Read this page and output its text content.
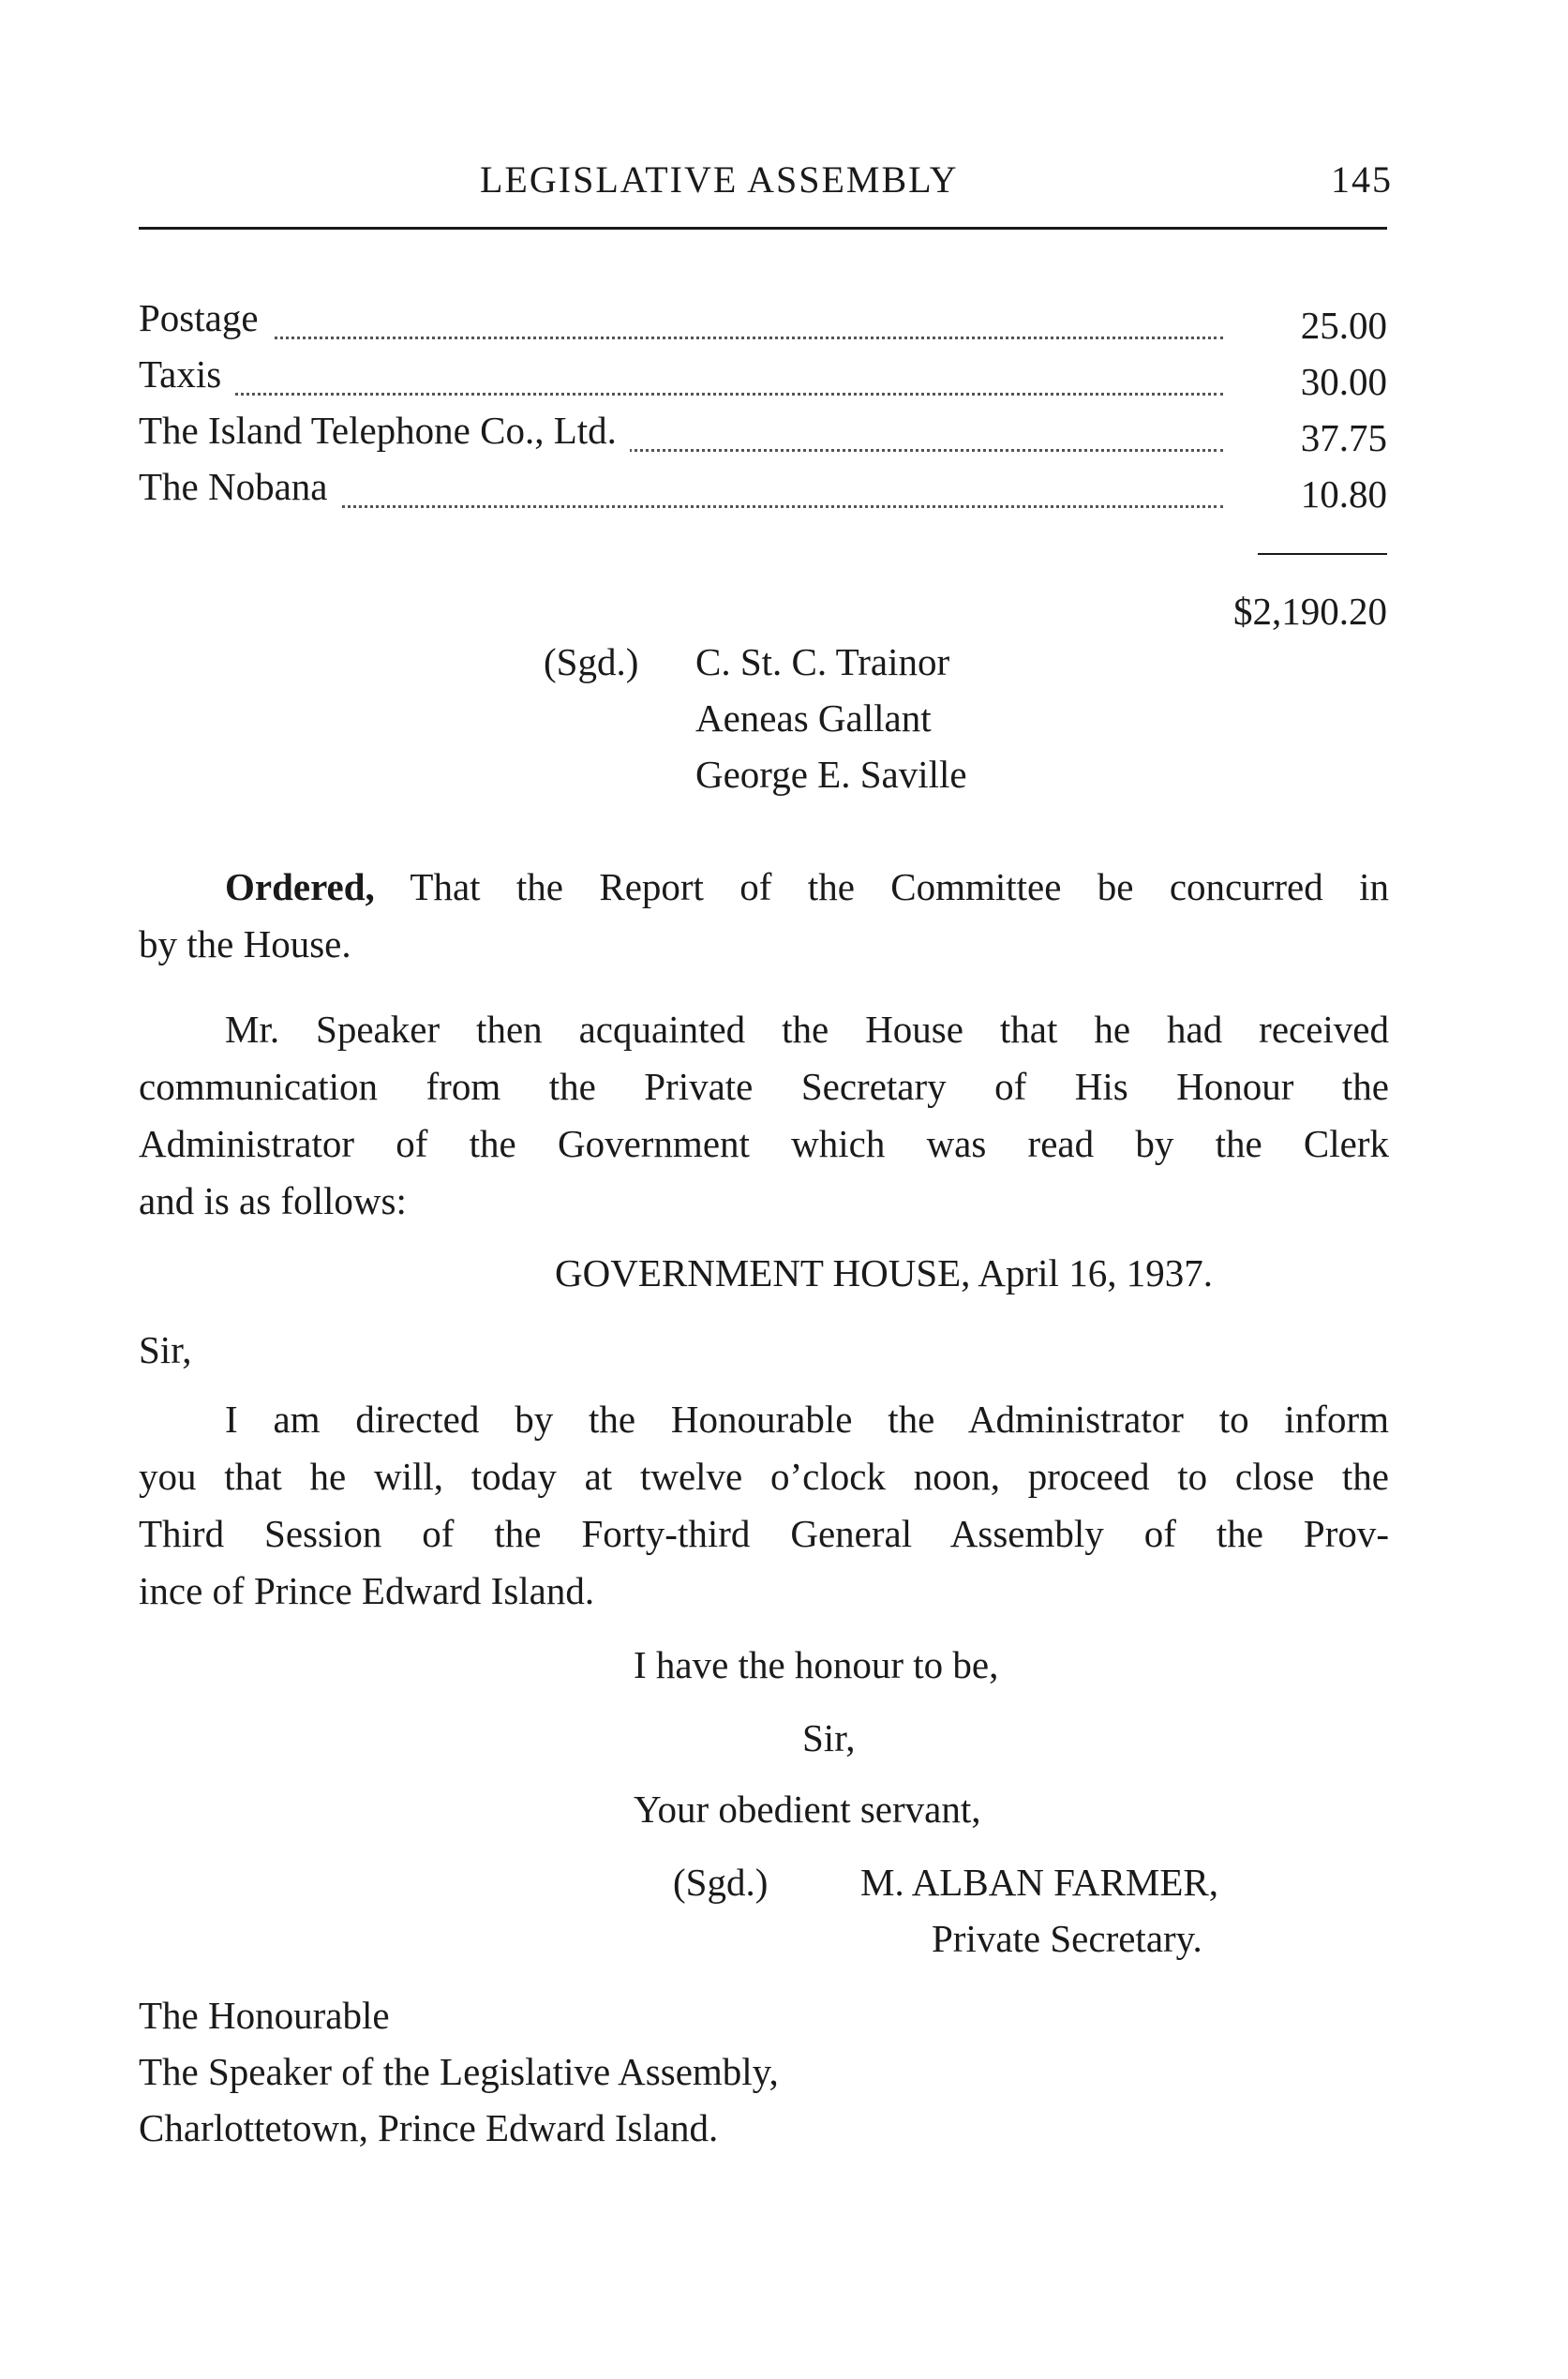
LEGISLATIVE ASSEMBLY	145
Postage	25.00
Taxis	30.00
The Island Telephone Co., Ltd.	37.75
The Nobana	10.80
$2,190.20
(Sgd.) C. St. C. Trainor
Aeneas Gallant
George E. Saville
Ordered, That the Report of the Committee be concurred in
by the House.
Mr. Speaker then acquainted the House that he had received
communication from the Private Secretary of His Honour the
Administrator of the Government which was read by the Clerk
and is as follows:
GOVERNMENT HOUSE, April 16, 1937.
Sir,
I am directed by the Honourable the Administrator to inform
you that he will, today at twelve o’clock noon, proceed to close the
Third Session of the Forty-third General Assembly of the Prov-
ince of Prince Edward Island.
I have the honour to be,
Sir,
Your obedient servant,
(Sgd.) M. ALBAN FARMER,
Private Secretary.
The Honourable
The Speaker of the Legislative Assembly,
Charlottetown, Prince Edward Island.
